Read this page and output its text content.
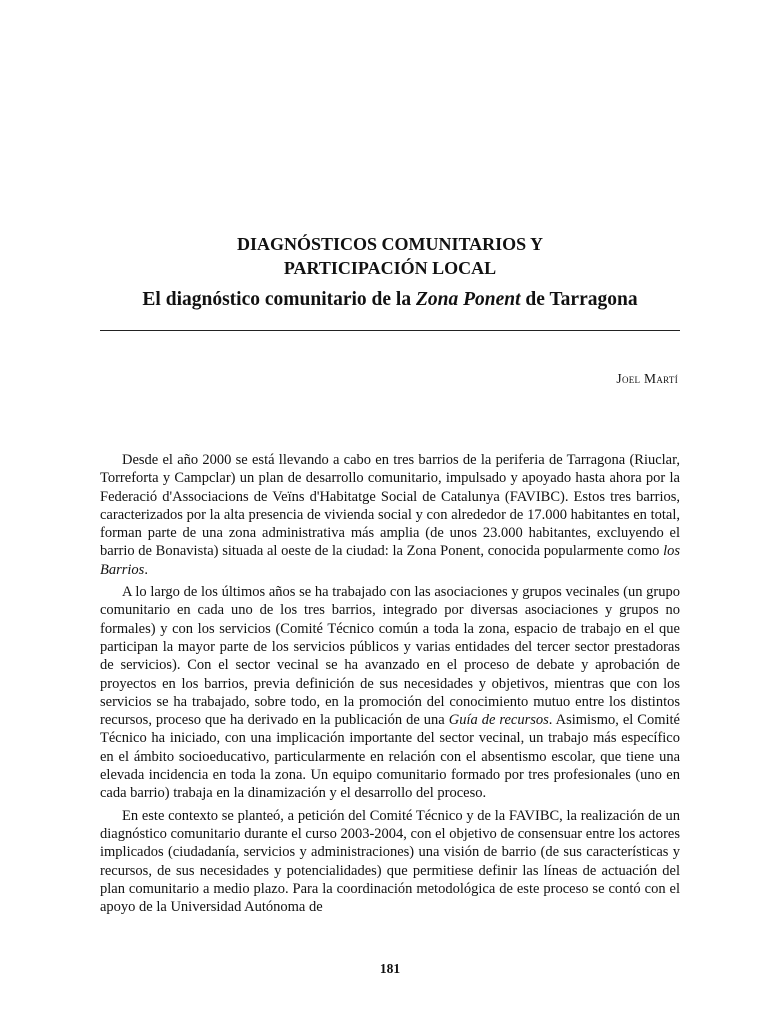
DIAGNÓSTICOS COMUNITARIOS Y
PARTICIPACIÓN LOCAL
El diagnóstico comunitario de la Zona Ponent de Tarragona
Joel Martí

Desde el año 2000 se está llevando a cabo en tres barrios de la periferia de Tarragona (Riuclar, Torreforta y Campclar) un plan de desarrollo comunitario, impulsado y apoyado hasta ahora por la Federació d'Associacions de Veïns d'Habitatge Social de Catalunya (FAVIBC). Estos tres barrios, caracterizados por la alta presencia de vivienda social y con alrededor de 17.000 habitantes en total, forman parte de una zona administrativa más amplia (de unos 23.000 habitantes, excluyendo el barrio de Bonavista) situada al oeste de la ciudad: la Zona Ponent, conocida popularmente como los Barrios.

A lo largo de los últimos años se ha trabajado con las asociaciones y grupos vecinales (un grupo comunitario en cada uno de los tres barrios, integrado por diversas asociaciones y grupos no formales) y con los servicios (Comité Técnico común a toda la zona, espacio de trabajo en el que participan la mayor parte de los servicios públicos y varias entidades del tercer sector prestadoras de servicios). Con el sector vecinal se ha avanzado en el proceso de debate y aprobación de proyectos en los barrios, previa definición de sus necesidades y objetivos, mientras que con los servicios se ha trabajado, sobre todo, en la promoción del conocimiento mutuo entre los distintos recursos, proceso que ha derivado en la publicación de una Guía de recursos. Asimismo, el Comité Técnico ha iniciado, con una implicación importante del sector vecinal, un trabajo más específico en el ámbito socioeducativo, particularmente en relación con el absentismo escolar, que tiene una elevada incidencia en toda la zona. Un equipo comunitario formado por tres profesionales (uno en cada barrio) trabaja en la dinamización y el desarrollo del proceso.

En este contexto se planteó, a petición del Comité Técnico y de la FAVIBC, la realización de un diagnóstico comunitario durante el curso 2003-2004, con el objetivo de consensuar entre los actores implicados (ciudadanía, servicios y administraciones) una visión de barrio (de sus características y recursos, de sus necesidades y potencialidades) que permitiese definir las líneas de actuación del plan comunitario a medio plazo. Para la coordinación metodológica de este proceso se contó con el apoyo de la Universidad Autónoma de

181
